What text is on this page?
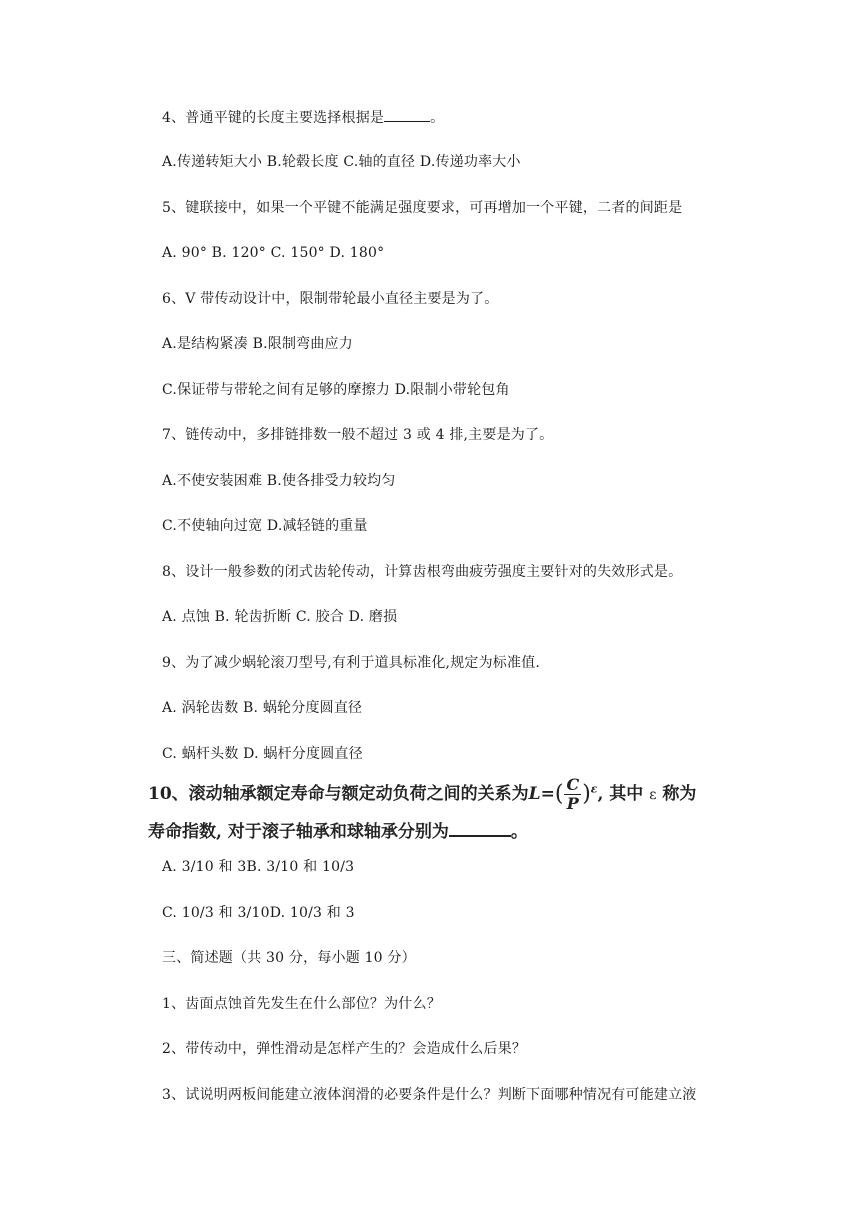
4、普通平键的长度主要选择根据是	。
A.传递转矩大小 B.轮毂长度 C.轴的直径 D.传递功率大小
5、键联接中，如果一个平键不能满足强度要求，可再增加一个平键，二者的间距是
A. 90° B. 120° C. 150° D. 180°
6、V 带传动设计中，限制带轮最小直径主要是为了。
A.是结构紧凑 B.限制弯曲应力
C.保证带与带轮之间有足够的摩擦力 D.限制小带轮包角
7、链传动中，多排链排数一般不超过 3 或 4 排,主要是为了。
A.不使安装困难 B.使各排受力较均匀
C.不使轴向过宽 D.减轻链的重量
8、设计一般参数的闭式齿轮传动，计算齿根弯曲疲劳强度主要针对的失效形式是。
A. 点蚀 B. 轮齿折断 C. 胶合 D. 磨损
9、为了减少蜗轮滚刀型号,有利于道具标准化,规定为标准值.
A. 涡轮齿数 B. 蜗轮分度圆直径
C. 蜗杆头数 D. 蜗杆分度圆直径
10、滚动轴承额定寿命与额定动负荷之间的关系为$L=( \frac{C}{P} )^\varepsilon$, 其中 ε 称为
寿命指数, 对于滚子轴承和球轴承分别为	。
A. 3/10 和 3B. 3/10 和 10/3
C. 10/3 和 3/10D. 10/3 和 3
三、简述题（共 30 分，每小题 10 分）
1、齿面点蚀首先发生在什么部位？为什么？
2、带传动中，弹性滑动是怎样产生的？会造成什么后果？
3、试说明两板间能建立液体润滑的必要条件是什么？判断下面哪种情况有可能建立液
